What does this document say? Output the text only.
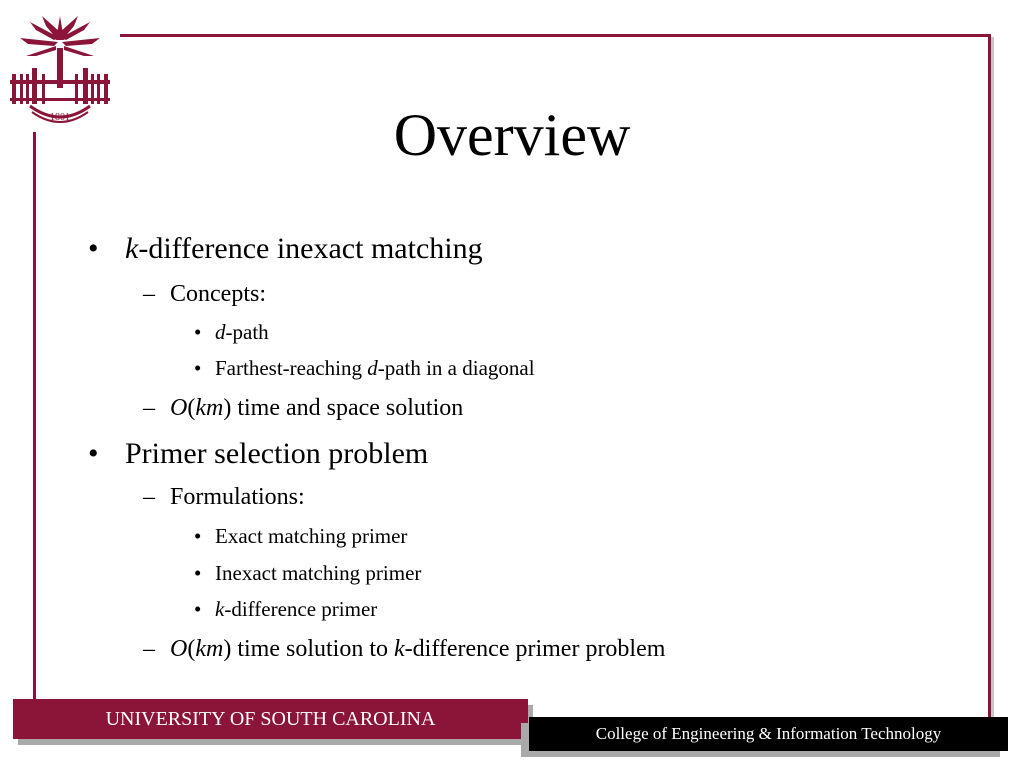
1801	Overview
• k-difference inexact matching
– Concepts:
• d-path
• Farthest-reaching d-path in a diagonal
– O(km) time and space solution
• Primer selection problem
– Formulations:
• Exact matching primer
• Inexact matching primer
• k-difference primer
– O(km) time solution to k-difference primer problem
UNIVERSITY OF SOUTH CAROLINA
College of Engineering & Information Technology
